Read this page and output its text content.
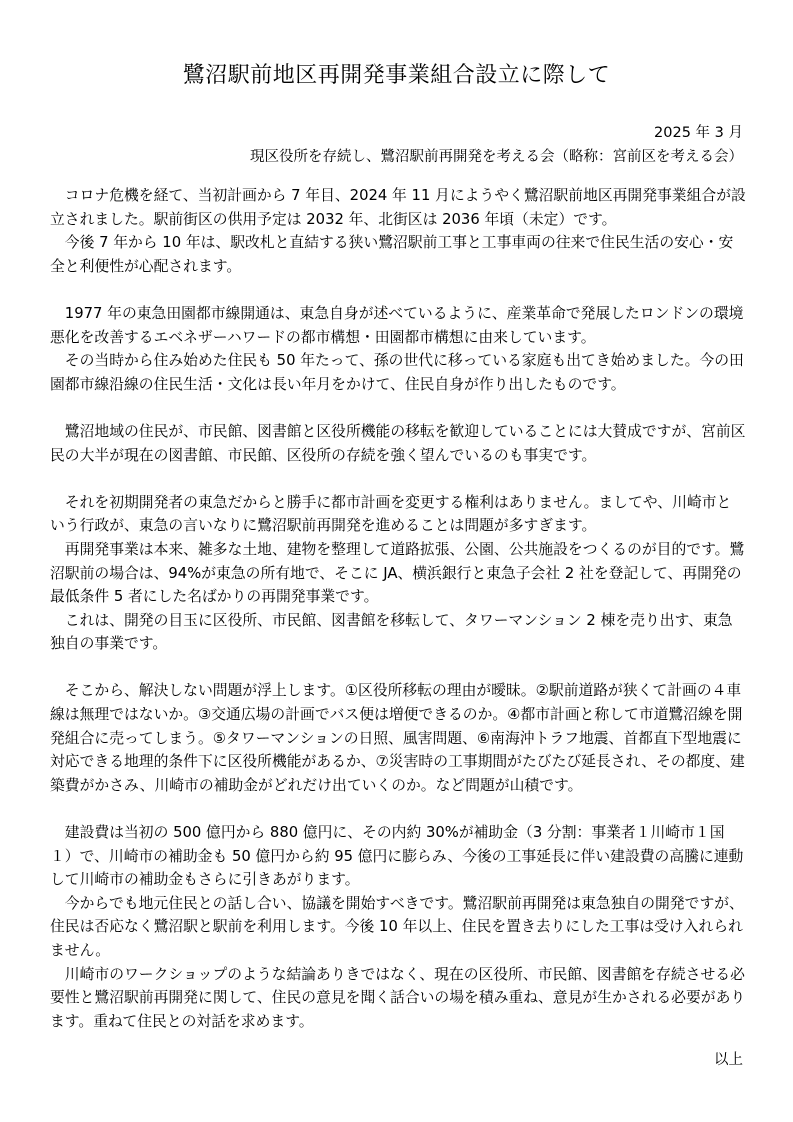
鷺沼駅前地区再開発事業組合設立に際して
2025 年 3 月
現区役所を存続し、鷺沼駅前再開発を考える会（略称：宮前区を考える会）

　コロナ危機を経て、当初計画から 7 年目、2024 年 11 月にようやく鷺沼駅前地区再開発事業組合が設立されました。駅前街区の供用予定は 2032 年、北街区は 2036 年頃（未定）です。

　今後 7 年から 10 年は、駅改札と直結する狭い鷺沼駅前工事と工事車両の往来で住民生活の安心・安全と利便性が心配されます。

　1977 年の東急田園都市線開通は、東急自身が述べているように、産業革命で発展したロンドンの環境悪化を改善するエベネザーハワードの都市構想・田園都市構想に由来しています。

　その当時から住み始めた住民も 50 年たって、孫の世代に移っている家庭も出てき始めました。今の田園都市線沿線の住民生活・文化は長い年月をかけて、住民自身が作り出したものです。

　鷺沼地域の住民が、市民館、図書館と区役所機能の移転を歓迎していることには大賛成ですが、宮前区民の大半が現在の図書館、市民館、区役所の存続を強く望んでいるのも事実です。

　それを初期開発者の東急だからと勝手に都市計画を変更する権利はありません。ましてや、川崎市という行政が、東急の言いなりに鷺沼駅前再開発を進めることは問題が多すぎます。

　再開発事業は本来、雑多な土地、建物を整理して道路拡張、公園、公共施設をつくるのが目的です。鷺沼駅前の場合は、94%が東急の所有地で、そこに JA、横浜銀行と東急子会社 2 社を登記して、再開発の最低条件 5 者にした名ばかりの再開発事業です。

　これは、開発の目玉に区役所、市民館、図書館を移転して、タワーマンション 2 棟を売り出す、東急独自の事業です。

　そこから、解決しない問題が浮上します。①区役所移転の理由が曖昧。②駅前道路が狭くて計画の４車線は無理ではないか。③交通広場の計画でバス便は増便できるのか。④都市計画と称して市道鷺沼線を開発組合に売ってしまう。⑤タワーマンションの日照、風害問題、⑥南海沖トラフ地震、首都直下型地震に対応できる地理的条件下に区役所機能があるか、⑦災害時の工事期間がたびたび延長され、その都度、建築費がかさみ、川崎市の補助金がどれだけ出ていくのか。など問題が山積です。

　建設費は当初の 500 億円から 880 億円に、その内約 30%が補助金（3 分割：事業者１川崎市１国１）で、川崎市の補助金も 50 億円から約 95 億円に膨らみ、今後の工事延長に伴い建設費の高騰に連動して川崎市の補助金もさらに引きあがります。

　今からでも地元住民との話し合い、協議を開始すべきです。鷺沼駅前再開発は東急独自の開発ですが、住民は否応なく鷺沼駅と駅前を利用します。今後 10 年以上、住民を置き去りにした工事は受け入れられません。

　川崎市のワークショップのような結論ありきではなく、現在の区役所、市民館、図書館を存続させる必要性と鷺沼駅前再開発に関して、住民の意見を聞く話合いの場を積み重ね、意見が生かされる必要があります。重ねて住民との対話を求めます。

以上
